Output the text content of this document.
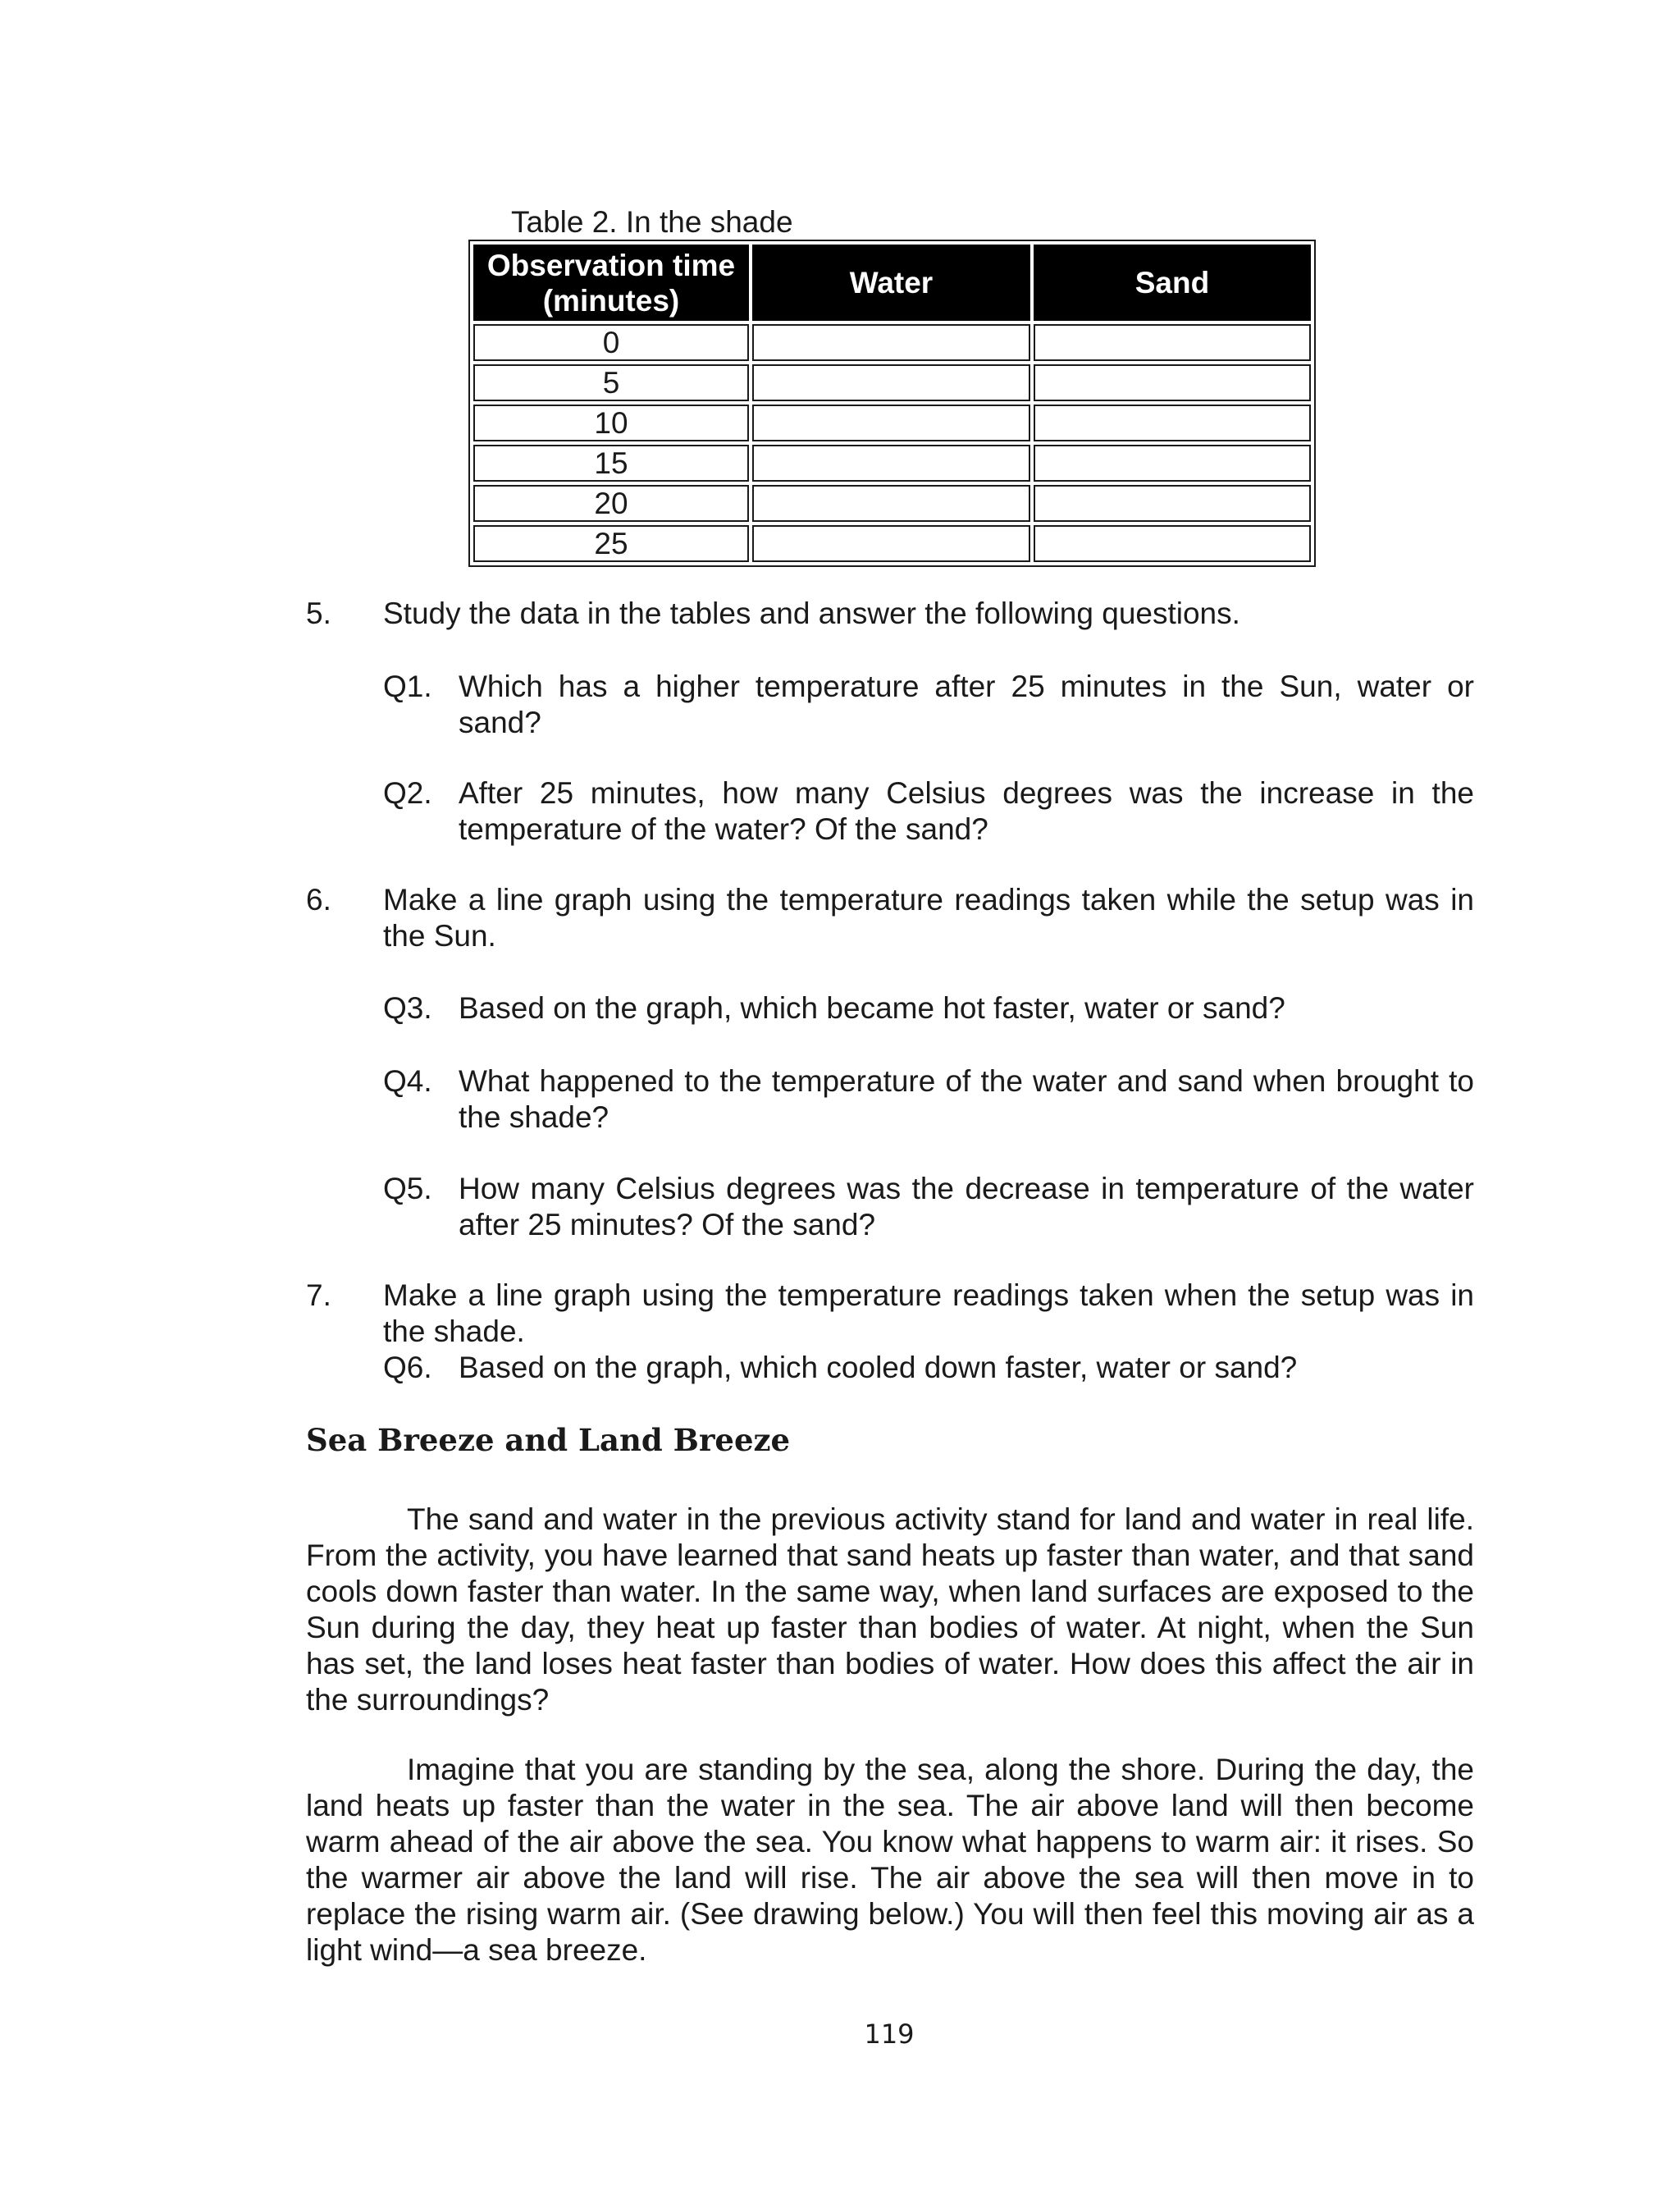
Table 2. In the shade
Observation time (minutes)	Water	Sand
0		
5		
10		
15		
20		
25		
5. Study the data in the tables and answer the following questions.
Q1. Which has a higher temperature after 25 minutes in the Sun, water or sand?
Q2. After 25 minutes, how many Celsius degrees was the increase in the temperature of the water? Of the sand?
6. Make a line graph using the temperature readings taken while the setup was in the Sun.
Q3. Based on the graph, which became hot faster, water or sand?
Q4. What happened to the temperature of the water and sand when brought to the shade?
Q5. How many Celsius degrees was the decrease in temperature of the water after 25 minutes? Of the sand?
7. Make a line graph using the temperature readings taken when the setup was in the shade.
Q6. Based on the graph, which cooled down faster, water or sand?
Sea Breeze and Land Breeze

The sand and water in the previous activity stand for land and water in real life. From the activity, you have learned that sand heats up faster than water, and that sand cools down faster than water. In the same way, when land surfaces are exposed to the Sun during the day, they heat up faster than bodies of water. At night, when the Sun has set, the land loses heat faster than bodies of water. How does this affect the air in the surroundings?

Imagine that you are standing by the sea, along the shore. During the day, the land heats up faster than the water in the sea. The air above land will then become warm ahead of the air above the sea. You know what happens to warm air: it rises. So the warmer air above the land will rise. The air above the sea will then move in to replace the rising warm air. (See drawing below.) You will then feel this moving air as a light wind—a sea breeze.

119
